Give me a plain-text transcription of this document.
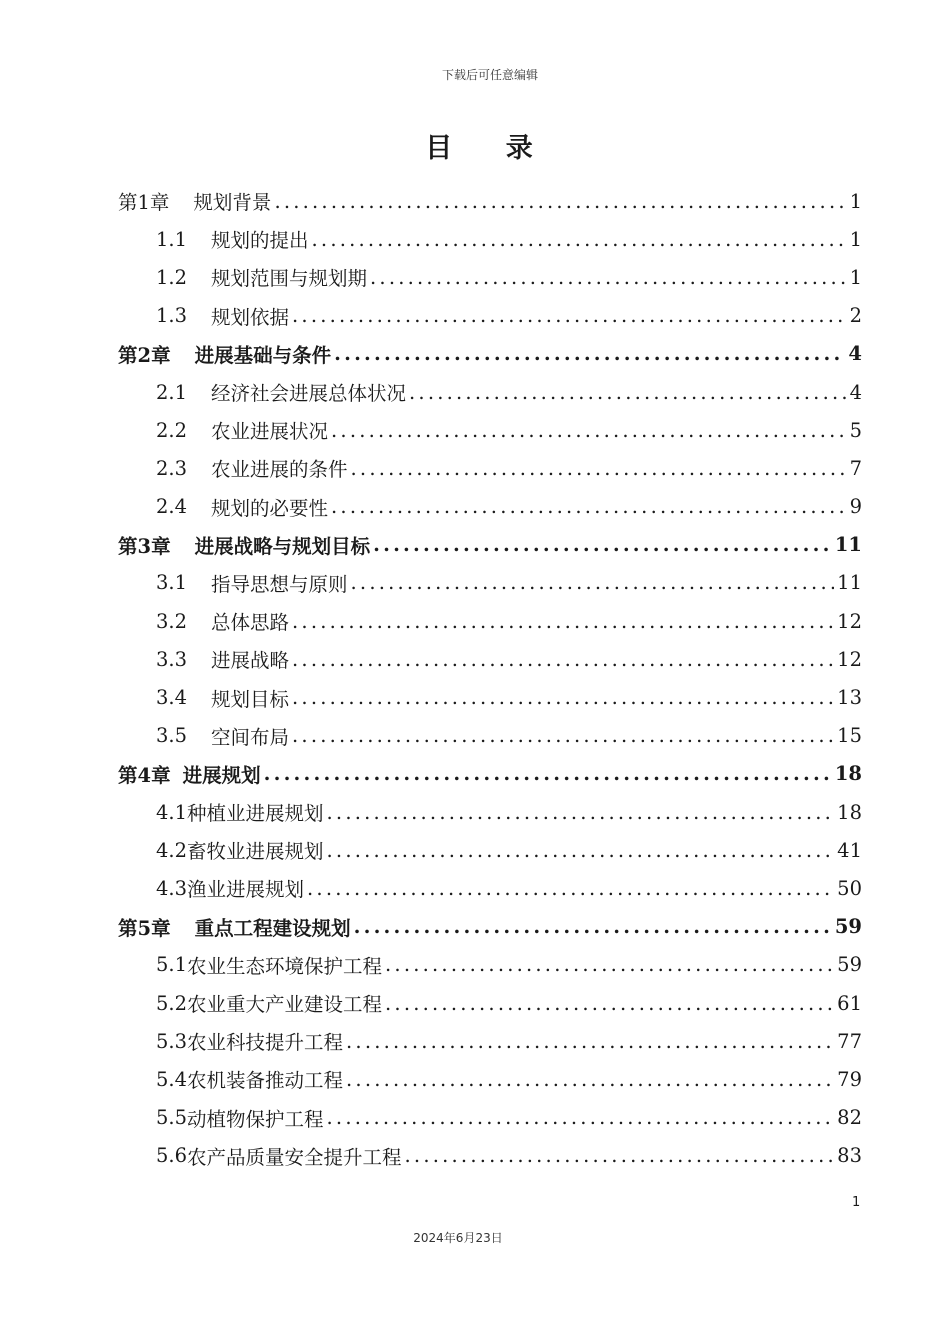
下载后可任意编辑
目 录
第1章 规划背景 .....	1
1.1 规划的提出 .....	1
1.2 规划范围与规划期 .....	1
1.3 规划依据 .....	2
第2章 进展基础与条件 .....	4
2.1 经济社会进展总体状况 .....	4
2.2 农业进展状况 .....	5
2.3 农业进展的条件 .....	7
2.4 规划的必要性 .....	9
第3章 进展战略与规划目标 .....	11
3.1 指导思想与原则 .....	11
3.2 总体思路 .....	12
3.3 进展战略 .....	12
3.4 规划目标 .....	13
3.5 空间布局 .....	15
第4章 进展规划 .....	18
4.1 种植业进展规划 .....	18
4.2 畜牧业进展规划 .....	41
4.3 渔业进展规划 .....	50
第5章 重点工程建设规划 .....	59
5.1 农业生态环境保护工程 .....	59
5.2 农业重大产业建设工程 .....	61
5.3 农业科技提升工程 .....	77
5.4 农机装备推动工程 .....	79
5.5 动植物保护工程 .....	82
5.6 农产品质量安全提升工程 .....	83
1
2024年6月23日
